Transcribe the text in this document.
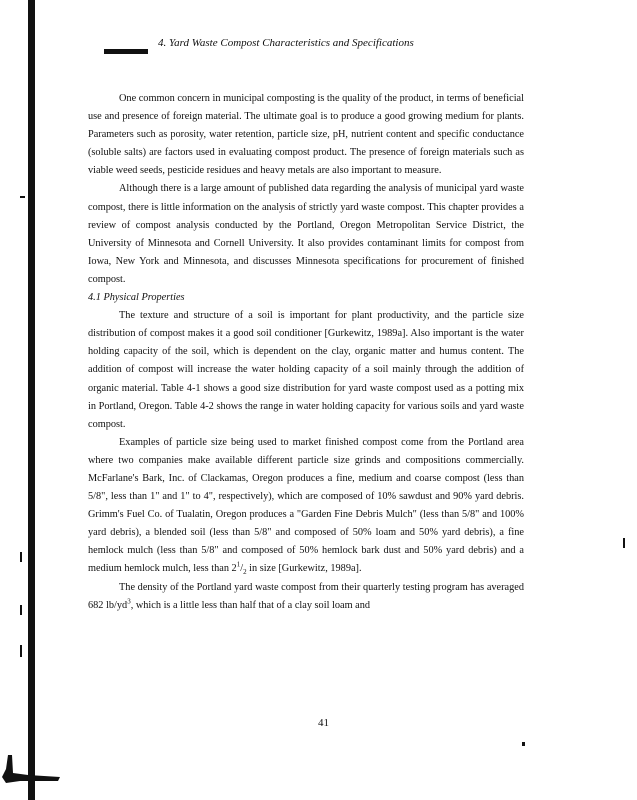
4. Yard Waste Compost Characteristics and Specifications

One common concern in municipal composting is the quality of the product, in terms of beneficial use and presence of foreign material. The ultimate goal is to produce a good growing medium for plants. Parameters such as porosity, water retention, particle size, pH, nutrient content and specific conductance (soluble salts) are factors used in evaluating compost product. The presence of foreign materials such as viable weed seeds, pesticide residues and heavy metals are also important to measure.

Although there is a large amount of published data regarding the analysis of municipal yard waste compost, there is little information on the analysis of strictly yard waste compost. This chapter provides a review of compost analysis conducted by the Portland, Oregon Metropolitan Service District, the University of Minnesota and Cornell University. It also provides contaminant limits for compost from Iowa, New York and Minnesota, and discusses Minnesota specifications for procurement of finished compost.

4.1 Physical Properties

The texture and structure of a soil is important for plant productivity, and the particle size distribution of compost makes it a good soil conditioner [Gurkewitz, 1989a]. Also important is the water holding capacity of the soil, which is dependent on the clay, organic matter and humus content. The addition of compost will increase the water holding capacity of a soil mainly through the addition of organic material. Table 4-1 shows a good size distribution for yard waste compost used as a potting mix in Portland, Oregon. Table 4-2 shows the range in water holding capacity for various soils and yard waste compost.

Examples of particle size being used to market finished compost come from the Portland area where two companies make available different particle size grinds and compositions commercially. McFarlane's Bark, Inc. of Clackamas, Oregon produces a fine, medium and coarse compost (less than 5/8", less than 1" and 1" to 4", respectively), which are composed of 10% sawdust and 90% yard debris. Grimm's Fuel Co. of Tualatin, Oregon produces a "Garden Fine Debris Mulch" (less than 5/8" and 100% yard debris), a blended soil (less than 5/8" and composed of 50% loam and 50% yard debris), a fine hemlock mulch (less than 5/8" and composed of 50% hemlock bark dust and 50% yard debris) and a medium hemlock mulch, less than $2^1/_2$ in size [Gurkewitz, 1989a].

The density of the Portland yard waste compost from their quarterly testing program has averaged 682 $lb/yd^3$, which is a little less than half that of a clay soil loam and

41
